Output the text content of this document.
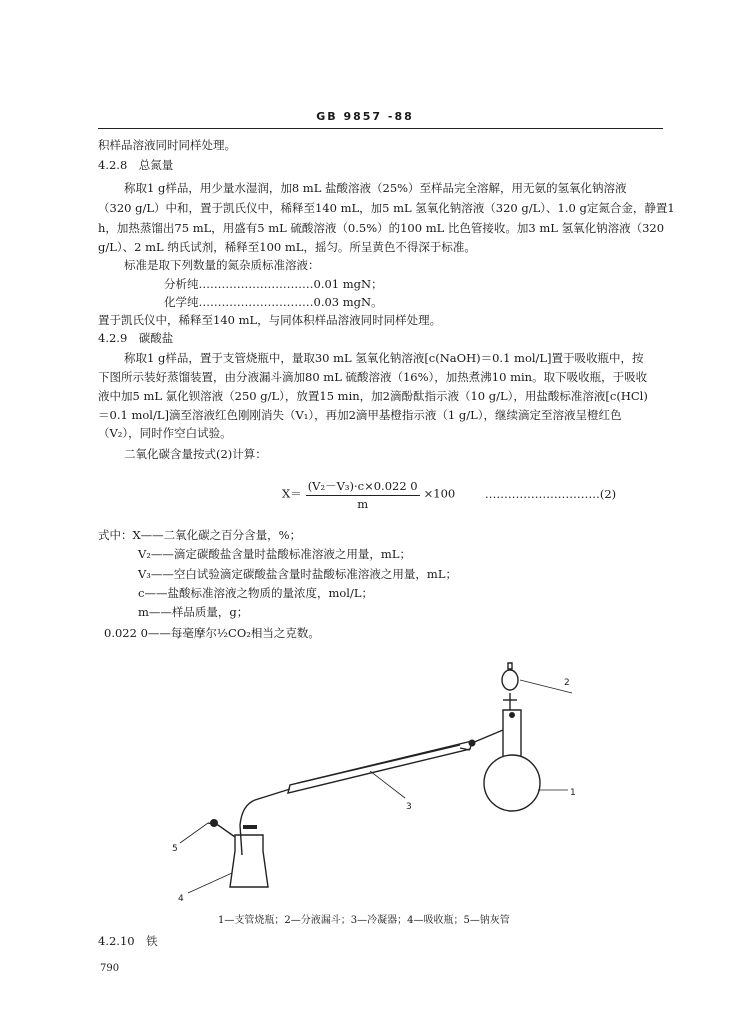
GB 9857 -88
积样品溶液同时同样处理。
4.2.8　总氮量
称取1 g样品，用少量水湿润，加8 mL 盐酸溶液（25%）至样品完全溶解，用无氨的氢氧化钠溶液
（320 g/L）中和，置于凯氏仪中，稀释至140 mL，加5 mL 氢氧化钠溶液（320 g/L）、1.0 g定氮合金，静置1
h，加热蒸馏出75 mL，用盛有5 mL 硫酸溶液（0.5%）的100 mL 比色管接收。加3 mL 氢氧化钠溶液（320
g/L）、2 mL 纳氏试剂，稀释至100 mL，摇匀。所呈黄色不得深于标准。
标准是取下列数量的氮杂质标准溶液：
分析纯…………………………0.01 mgN；
化学纯…………………………0.03 mgN。
置于凯氏仪中，稀释至140 mL，与同体积样品溶液同时同样处理。
4.2.9　碳酸盐
称取1 g样品，置于支管烧瓶中，量取30 mL 氢氧化钠溶液[c(NaOH)＝0.1 mol/L]置于吸收瓶中，按
下图所示装好蒸馏装置，由分液漏斗滴加80 mL 硫酸溶液（16%），加热煮沸10 min。取下吸收瓶，于吸收
液中加5 mL 氯化钡溶液（250 g/L），放置15 min，加2滴酚酞指示液（10 g/L），用盐酸标准溶液[c(HCl)
＝0.1 mol/L]滴至溶液红色刚刚消失（V₁），再加2滴甲基橙指示液（1 g/L），继续滴定至溶液呈橙红色
（V₂），同时作空白试验。
二氧化碳含量按式(2)计算：
$X= \frac{\text{(V₂－V₃)·c×0.022 0}}{m} \times 100$	…………………………(2)
式中：X——二氧化碳之百分含量，%；
V₂——滴定碳酸盐含量时盐酸标准溶液之用量，mL；
V₃——空白试验滴定碳酸盐含量时盐酸标准溶液之用量，mL；
c——盐酸标准溶液之物质的量浓度，mol/L；
m——样品质量，g；
0.022 0——每毫摩尔½CO₂相当之克数。
2
1
3
5
4
1—支管烧瓶；2—分液漏斗；3—冷凝器；4—吸收瓶；5—钠灰管
4.2.10　铁
790
